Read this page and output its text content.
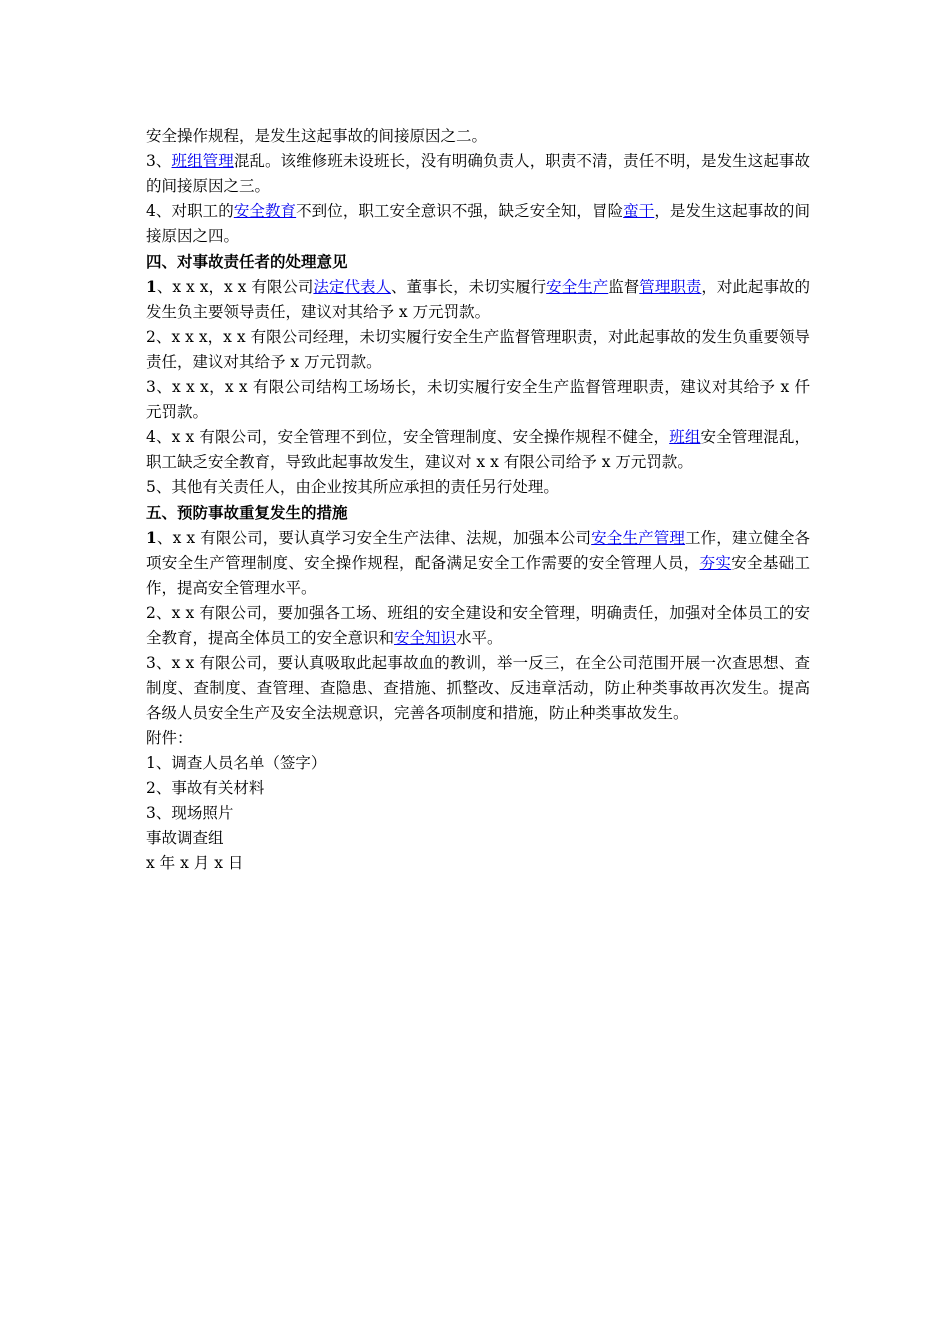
安全操作规程，是发生这起事故的间接原因之二。

3、班组管理混乱。该维修班未设班长，没有明确负责人，职责不清，责任不明，是发生这起事故的间接原因之三。

4、对职工的安全教育不到位，职工安全意识不强，缺乏安全知，冒险蛮干，是发生这起事故的间接原因之四。

四、对事故责任者的处理意见

1、x x x，x x 有限公司法定代表人、董事长，未切实履行安全生产监督管理职责，对此起事故的发生负主要领导责任，建议对其给予 x 万元罚款。

2、x x x，x x 有限公司经理，未切实履行安全生产监督管理职责，对此起事故的发生负重要领导责任，建议对其给予 x 万元罚款。

3、x x x，x x 有限公司结构工场场长，未切实履行安全生产监督管理职责，建议对其给予 x 仟元罚款。

4、x x 有限公司，安全管理不到位，安全管理制度、安全操作规程不健全，班组安全管理混乱，职工缺乏安全教育，导致此起事故发生，建议对 x x 有限公司给予 x 万元罚款。

5、其他有关责任人，由企业按其所应承担的责任另行处理。

五、预防事故重复发生的措施

1、x x 有限公司，要认真学习安全生产法律、法规，加强本公司安全生产管理工作，建立健全各项安全生产管理制度、安全操作规程，配备满足安全工作需要的安全管理人员，夯实安全基础工作，提高安全管理水平。

2、x x 有限公司，要加强各工场、班组的安全建设和安全管理，明确责任，加强对全体员工的安全教育，提高全体员工的安全意识和安全知识水平。

3、x x 有限公司，要认真吸取此起事故血的教训，举一反三，在全公司范围开展一次查思想、查制度、查制度、查管理、查隐患、查措施、抓整改、反违章活动，防止种类事故再次发生。提高各级人员安全生产及安全法规意识，完善各项制度和措施，防止种类事故发生。

附件：

1、调查人员名单（签字）

2、事故有关材料

3、现场照片

事故调查组

x 年 x 月 x 日
